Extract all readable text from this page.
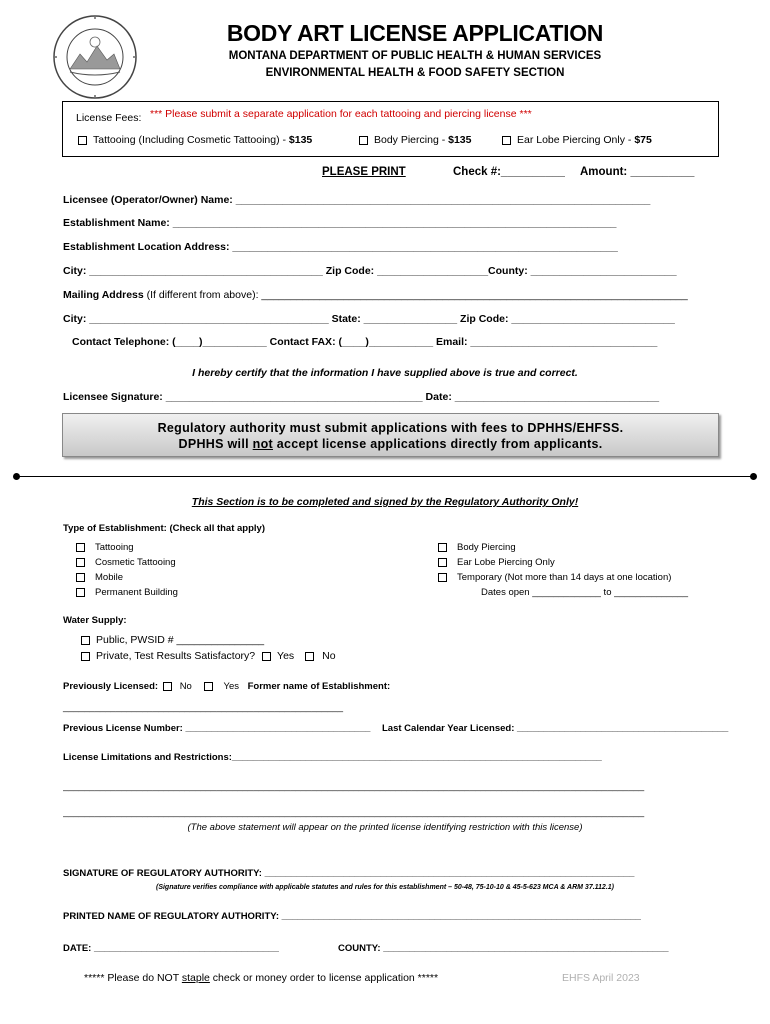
BODY ART LICENSE APPLICATION
MONTANA DEPARTMENT OF PUBLIC HEALTH & HUMAN SERVICES
ENVIRONMENTAL HEALTH & FOOD SAFETY SECTION
License Fees: *** Please submit a separate application for each tattooing and piercing license ***
Tattooing (Including Cosmetic Tattooing) - $135	Body Piercing - $135	Ear Lobe Piercing Only - $75
PLEASE PRINT	Check #:__________ Amount: __________
Licensee (Operator/Owner) Name: _______________________________________________________________________
Establishment Name: ____________________________________________________________________________
Establishment Location Address: __________________________________________________________________
City: ________________________________________ Zip Code: ___________________County: _________________________
Mailing Address (If different from above): _________________________________________________________________________
City: _________________________________________ State: ________________ Zip Code: ____________________________
Contact Telephone: (____)___________ Contact FAX: (____)___________ Email: ________________________________
I hereby certify that the information I have supplied above is true and correct.
Licensee Signature: ____________________________________________ Date: ___________________________________
Regulatory authority must submit applications with fees to DPHHS/EHFSS.
DPHHS will not accept license applications directly from applicants.
This Section is to be completed and signed by the Regulatory Authority Only!
Type of Establishment: (Check all that apply)
Tattooing
Cosmetic Tattooing
Mobile
Permanent Building
Body Piercing
Ear Lobe Piercing Only
Temporary (Not more than 14 days at one location)
Dates open _____________ to ______________
Water Supply:
Public, PWSID # _______________
Private, Test Results Satisfactory? Yes	No
Previously Licensed: No	Yes Former name of Establishment:
_____________________________________________________
Previous License Number: ___________________________________ Last Calendar Year Licensed: ________________________________________
License Limitations and Restrictions:______________________________________________________________________
______________________________________________________________________________________________________________
______________________________________________________________________________________________________________
(The above statement will appear on the printed license identifying restriction with this license)
SIGNATURE OF REGULATORY AUTHORITY: ______________________________________________________________________
(Signature verifies compliance with applicable statutes and rules for this establishment – 50-48, 75-10-10 & 45-5-623 MCA & ARM 37.112.1)
PRINTED NAME OF REGULATORY AUTHORITY: ____________________________________________________________________
DATE: ___________________________________	COUNTY: ______________________________________________________
***** Please do NOT staple check or money order to license application *****	EHFS April 2023
